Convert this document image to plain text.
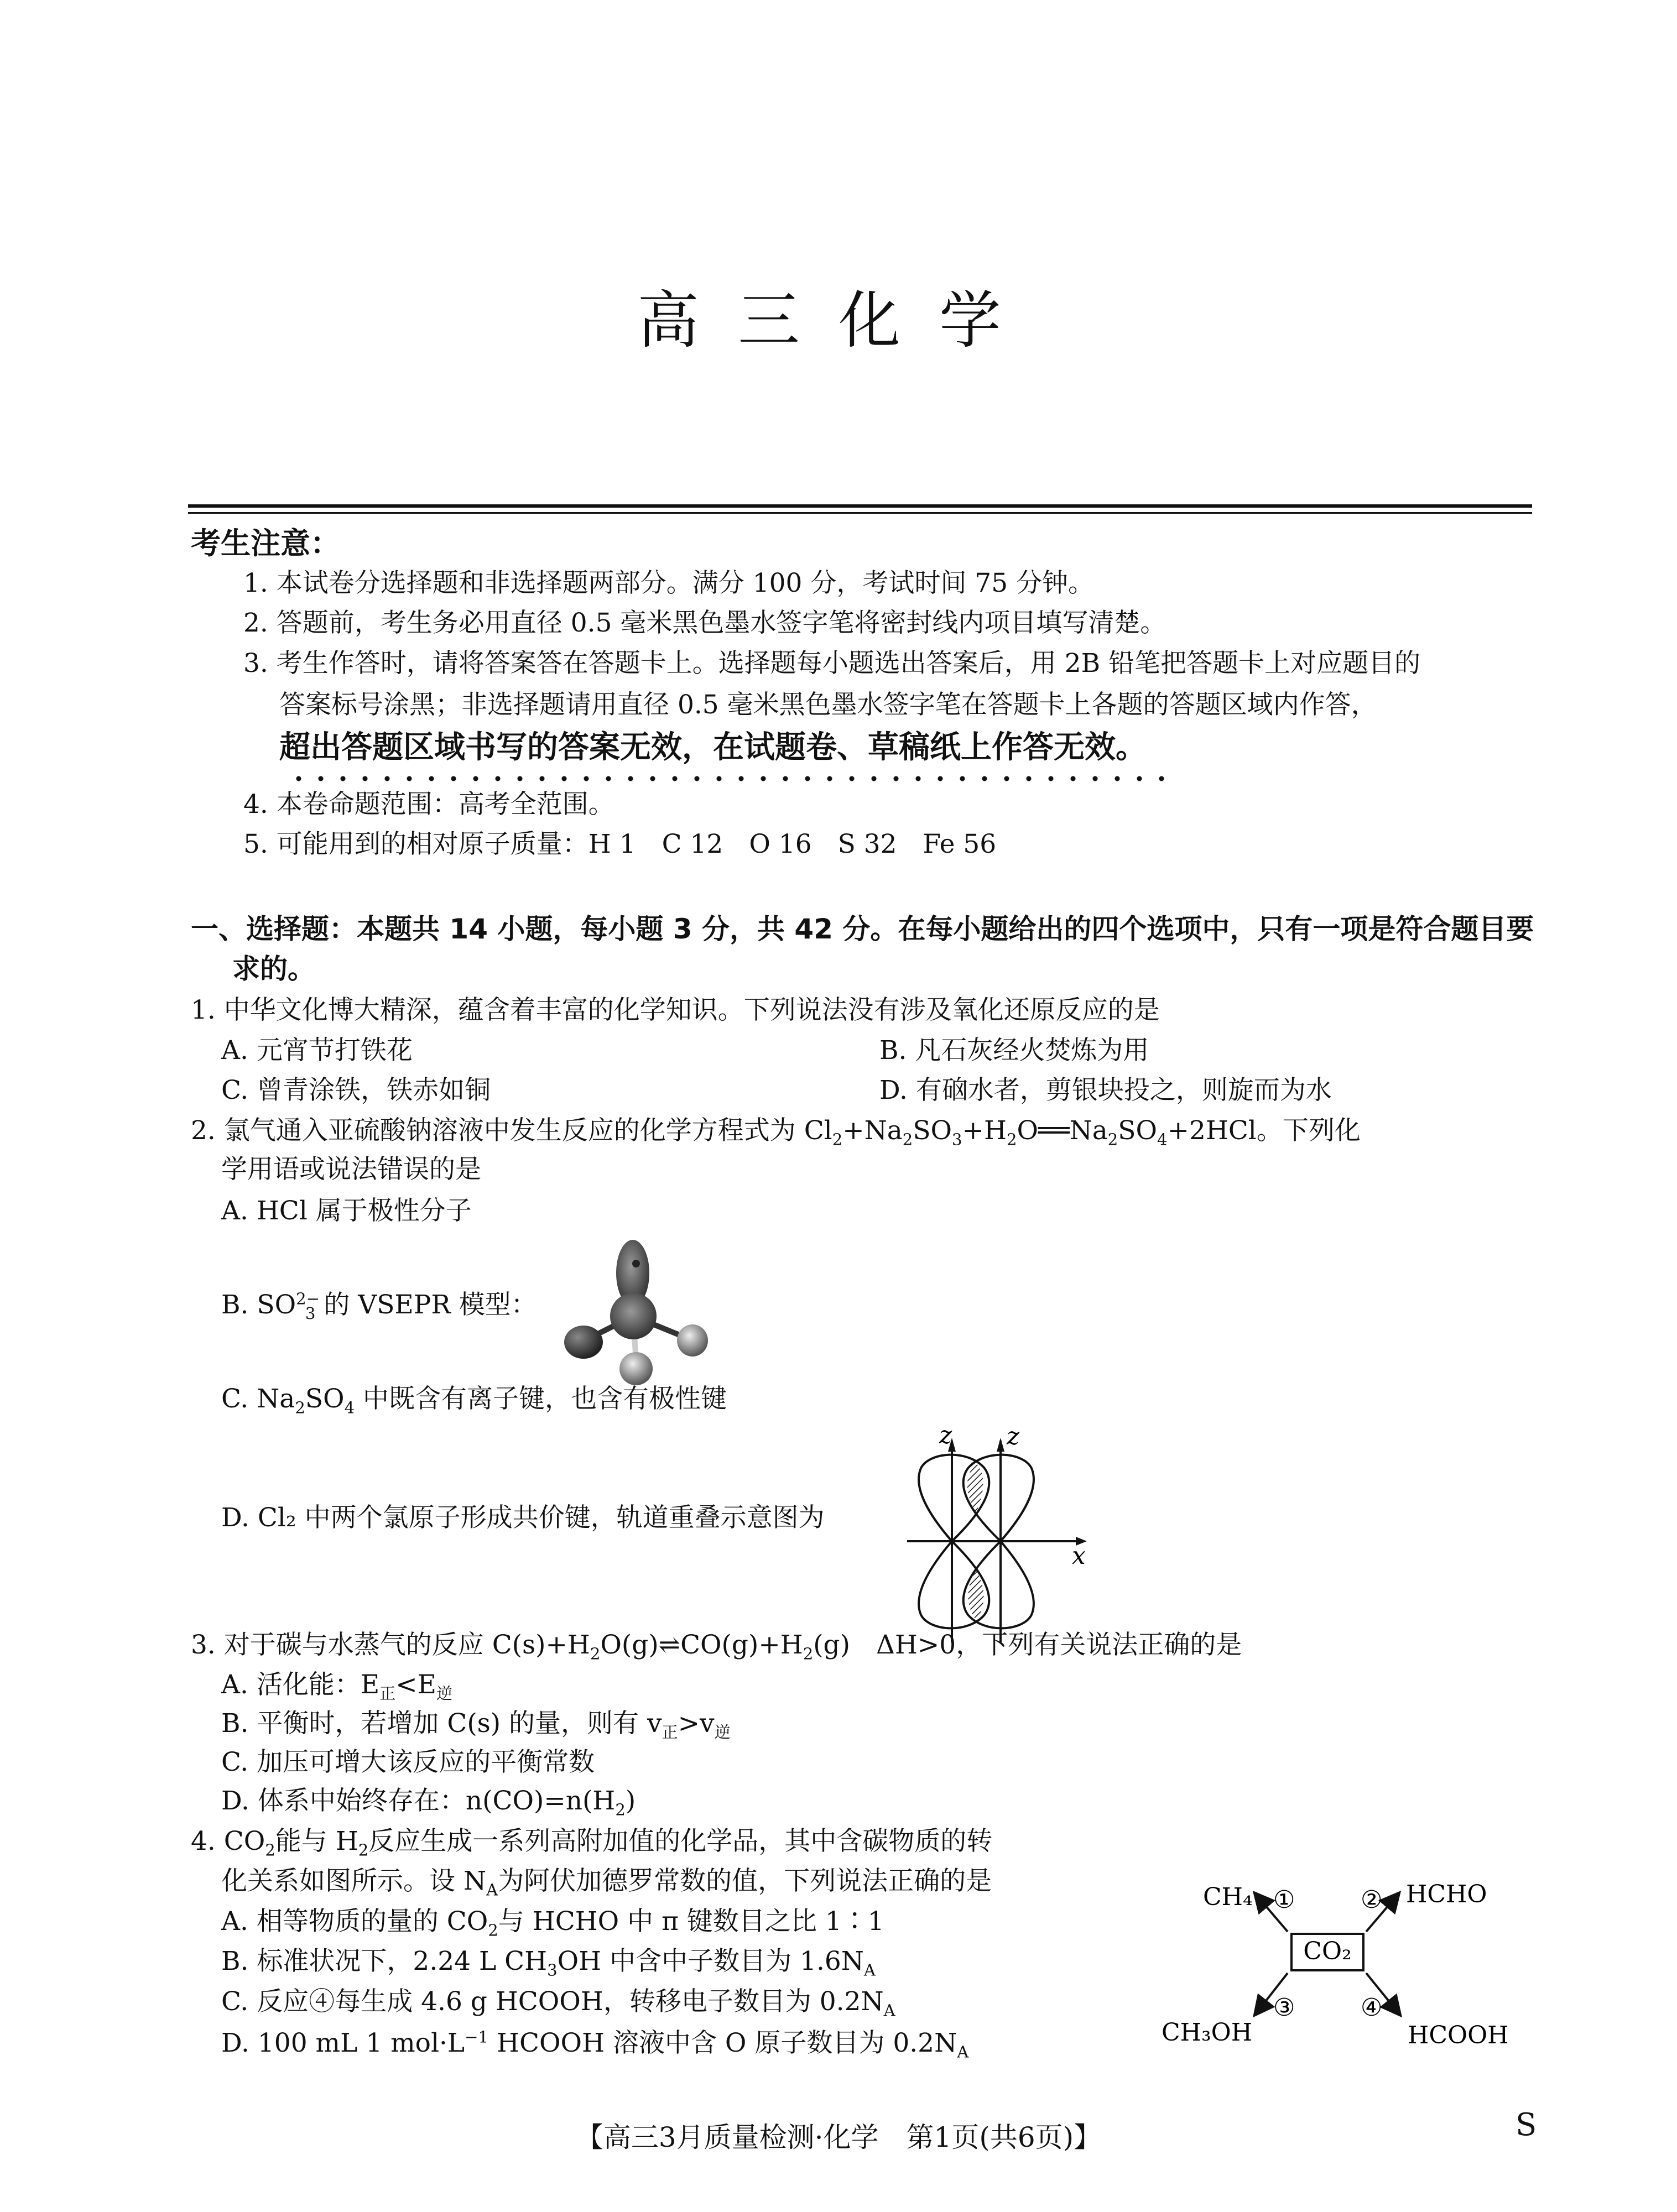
高三化学
考生注意：
1. 本试卷分选择题和非选择题两部分。满分 100 分，考试时间 75 分钟。
2. 答题前，考生务必用直径 0.5 毫米黑色墨水签字笔将密封线内项目填写清楚。
3. 考生作答时，请将答案答在答题卡上。选择题每小题选出答案后，用 2B 铅笔把答题卡上对应题目的
答案标号涂黑；非选择题请用直径 0.5 毫米黑色墨水签字笔在答题卡上各题的答题区域内作答，
超出答题区域书写的答案无效，在试题卷、草稿纸上作答无效。
4. 本卷命题范围：高考全范围。
5. 可能用到的相对原子质量：H 1　C 12　O 16　S 32　Fe 56
一、选择题：本题共 14 小题，每小题 3 分，共 42 分。在每小题给出的四个选项中，只有一项是符合题目要
求的。
1. 中华文化博大精深，蕴含着丰富的化学知识。下列说法没有涉及氧化还原反应的是
A. 元宵节打铁花	B. 凡石灰经火焚炼为用
C. 曾青涂铁，铁赤如铜	D. 有硇水者，剪银块投之，则旋而为水
2. 氯气通入亚硫酸钠溶液中发生反应的化学方程式为 $Cl_2+Na_2SO_3+H_2O══Na_2SO_4+2HCl$。下列化
学用语或说法错误的是
A. HCl 属于极性分子
B. $SO^{2-}_3$ 的 VSEPR 模型：
C. $Na_2SO_4$ 中既含有离子键，也含有极性键
D. Cl₂ 中两个氯原子形成共价键，轨道重叠示意图为
z z
x
3. 对于碳与水蒸气的反应 $C(s)+H_2O(g)\rightleftharpoons CO(g)+H_2(g)$　ΔH>0，下列有关说法正确的是
A. 活化能：$E_正<E_逆$
B. 平衡时，若增加 C(s) 的量，则有 $v_正>v_逆$
C. 加压可增大该反应的平衡常数
D. 体系中始终存在：$n(CO)=n(H_2)$
4. $CO_2$能与 $H_2$反应生成一系列高附加值的化学品，其中含碳物质的转
化关系如图所示。设 $N_A$为阿伏加德罗常数的值，下列说法正确的是
A. 相等物质的量的 $CO_2$与 HCHO 中 π 键数目之比 1∶1
B. 标准状况下，2.24 L $CH_3OH$ 中含中子数目为 $1.6N_A$
C. 反应④每生成 4.6 g HCOOH，转移电子数目为 $0.2N_A$
D. 100 mL 1 $mol\cdot L^{-1}$ HCOOH 溶液中含 O 原子数目为 $0.2N_A$
CO₂
CH₄	HCHO
CH₃OH	HCOOH
①	②
③	④
【高三3月质量检测·化学　第1页(共6页)】	S
